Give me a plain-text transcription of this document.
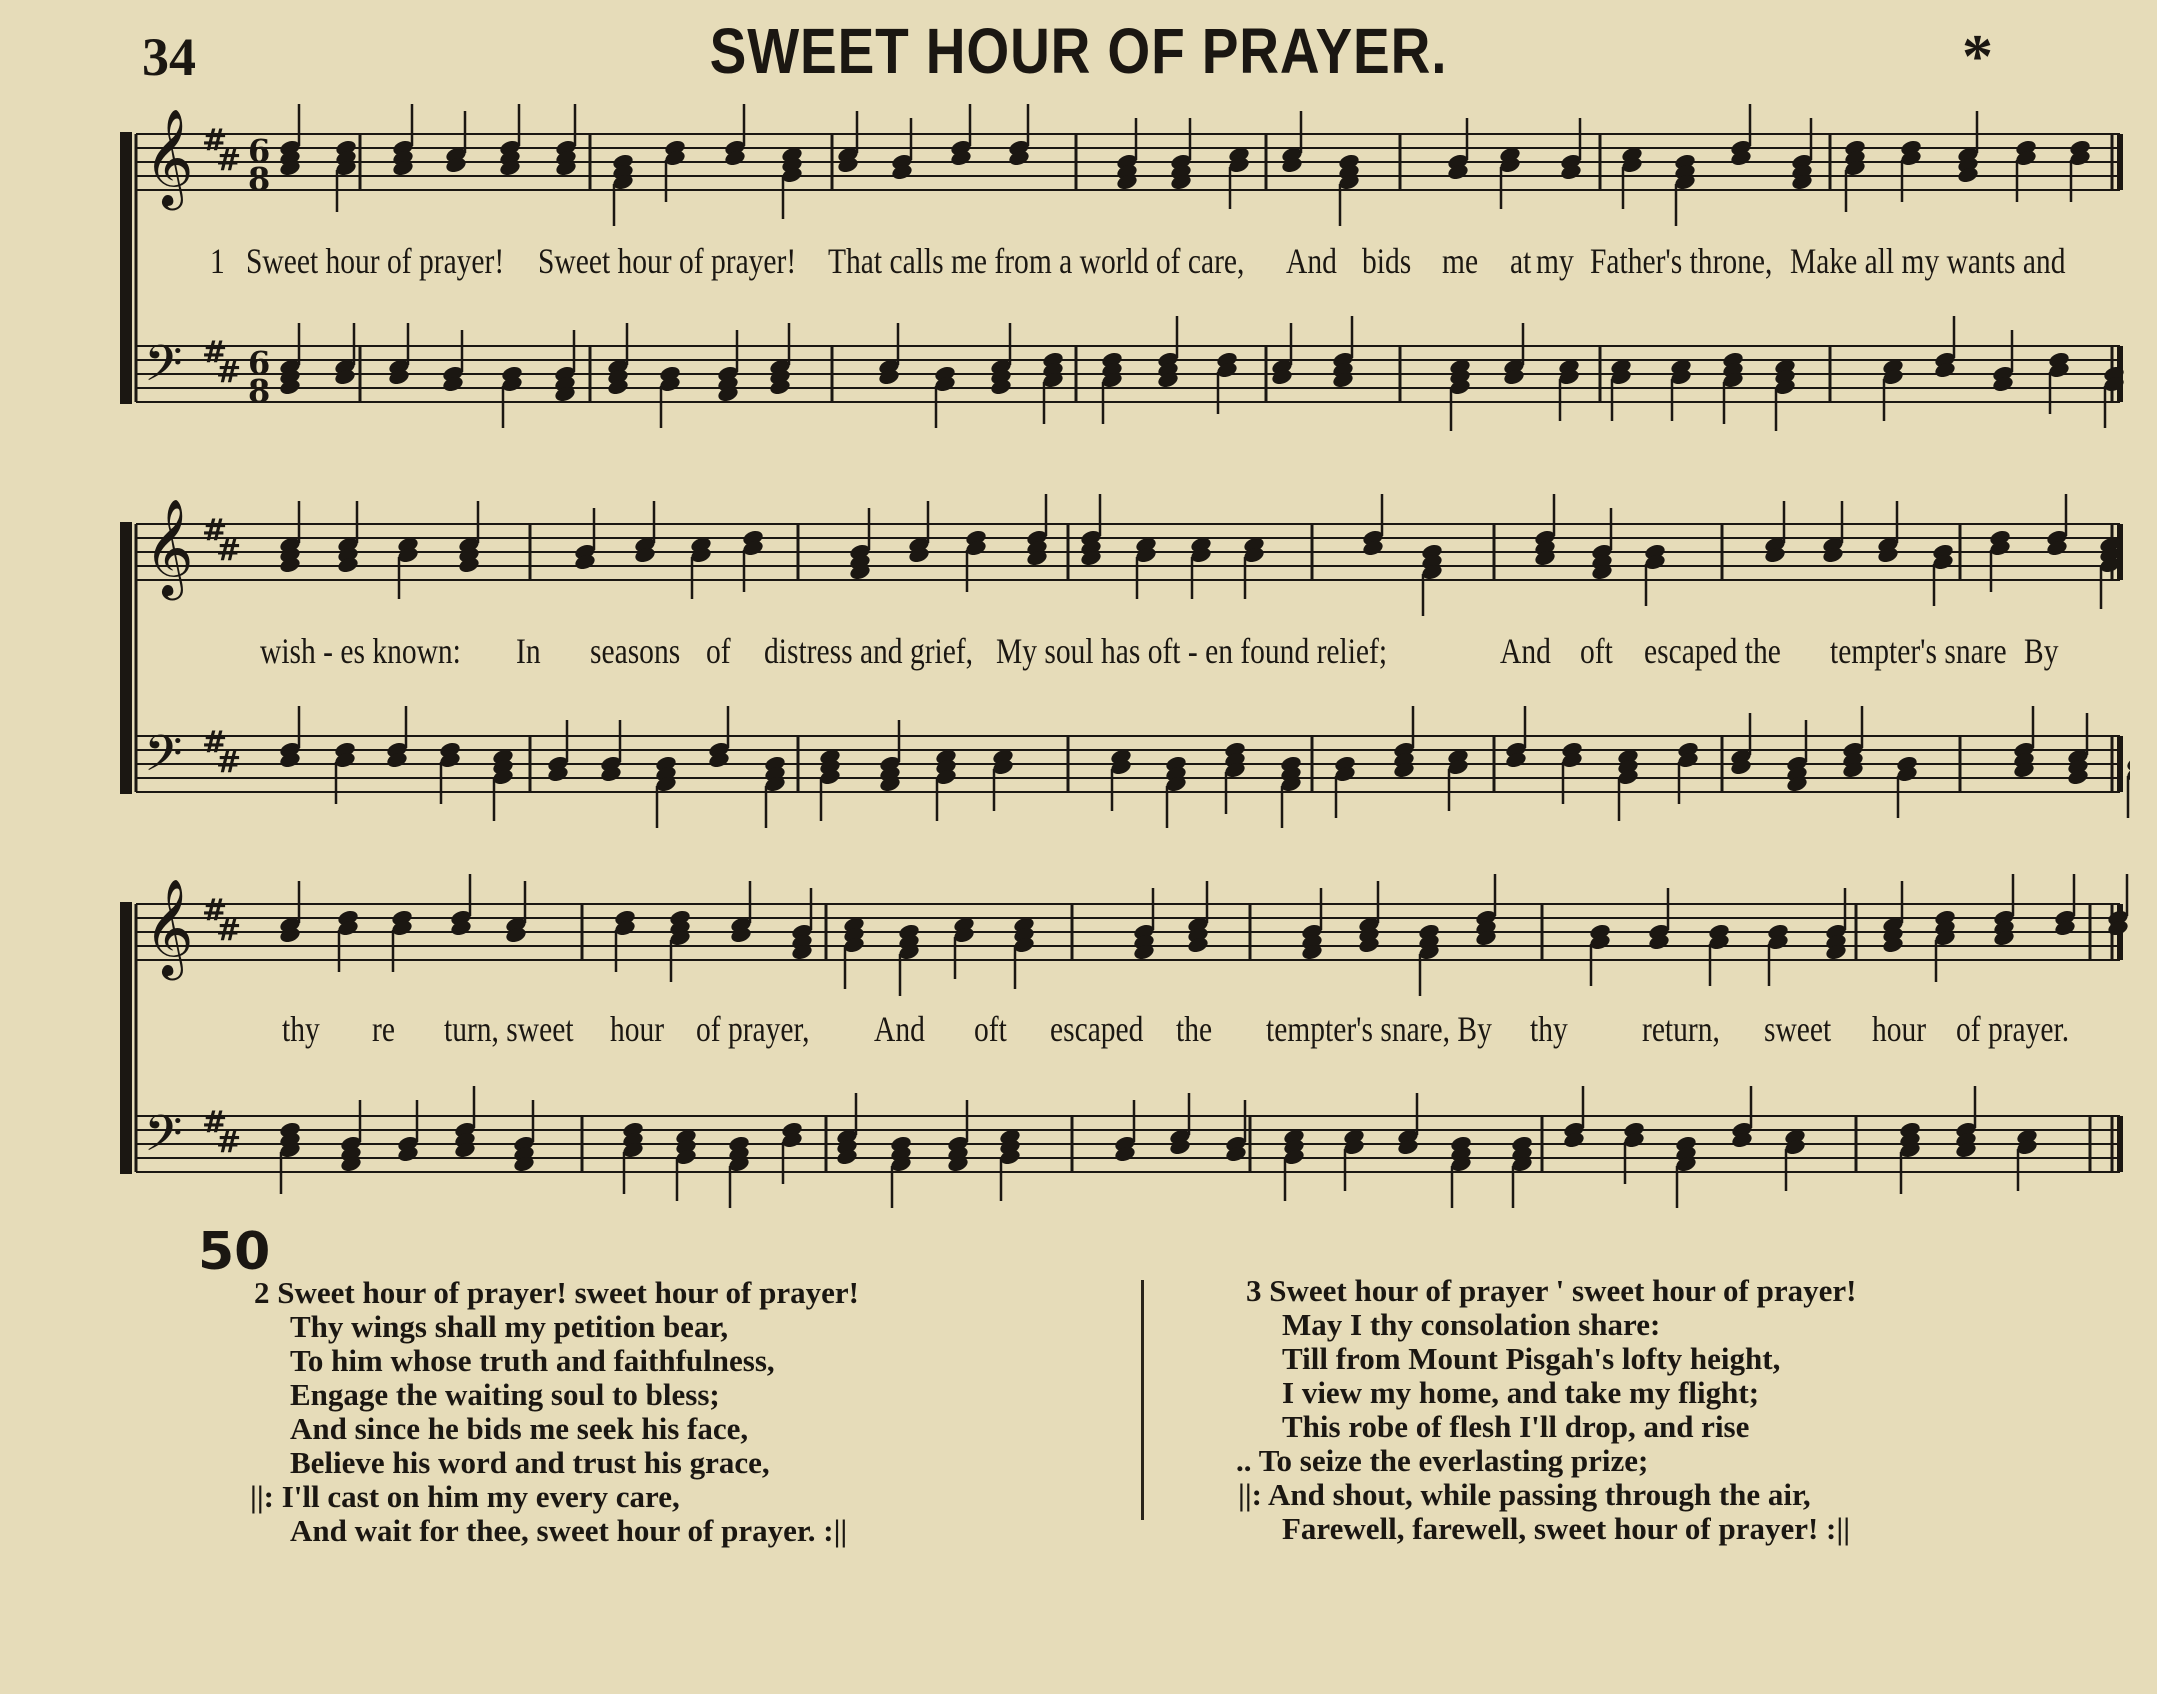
34	SWEET HOUR OF PRAYER.	*
𝄞 #
# 6
8
𝄢 #
# 6
8
1 Sweet hour of prayer! Sweet hour of prayer! That calls me from a world of care, And bids me at my Father's throne, Make all my wants and
𝄞 #
#
𝄢 #
#
wish - es known: In seasons of distress and grief, My soul has oft - en found relief;	And oft escaped the tempter's snare By
𝄞 #
#
𝄢 #
#
thy re turn, sweet hour of prayer, And oft escaped the tempter's snare, By thy return, sweet hour of prayer.
50
2 Sweet hour of prayer! sweet hour of prayer!
Thy wings shall my petition bear,
To him whose truth and faithfulness,
Engage the waiting soul to bless;
And since he bids me seek his face,
Believe his word and trust his grace,
||: I'll cast on him my every care,
And wait for thee, sweet hour of prayer. :||
3 Sweet hour of prayer ' sweet hour of prayer!
May I thy consolation share:
Till from Mount Pisgah's lofty height,
I view my home, and take my flight;
This robe of flesh I'll drop, and rise
.. To seize the everlasting prize;
||: And shout, while passing through the air,
Farewell, farewell, sweet hour of prayer! :||
